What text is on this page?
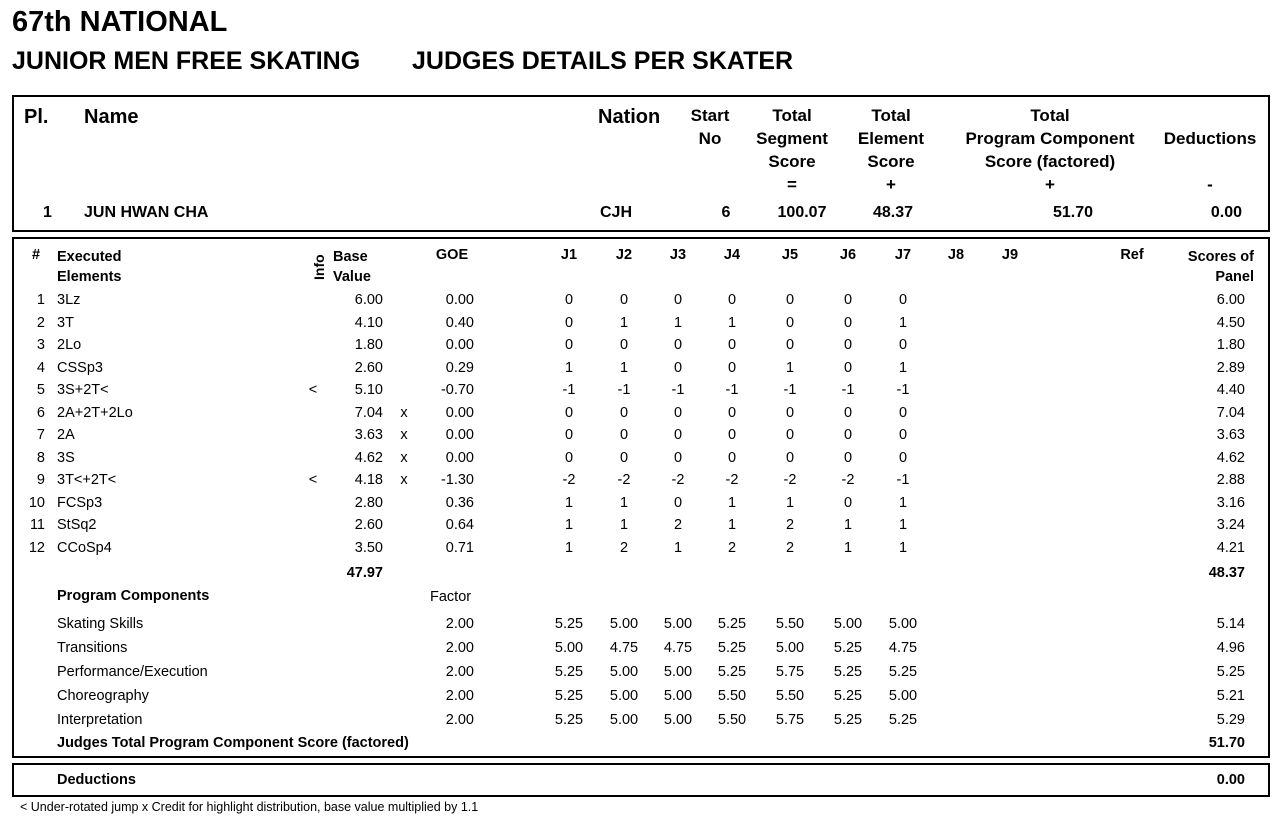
67th NATIONAL
JUNIOR MEN FREE SKATING JUDGES DETAILS PER SKATER
Pl. Name	Nation Start
No
Total
Segment
Score
=
Total
Element
Score
+
Total
Program Component
Score (factored)
+
Deductions
-
1 JUN HWAN CHA	CJH	6	100.07	48.37	51.70	0.00
# Executed
Elements	Info Base
Value
GOE	J1	J2	J3	J4	J5	J6	J7	J8	J9	Ref	Scores of
Panel
1 3Lz	6.00	0.00	0	0	0	0	0	0	0	6.00
2 3T	4.10	0.40	0	1	1	1	0	0	1	4.50
3 2Lo	1.80	0.00	0	0	0	0	0	0	0	1.80
4 CSSp3	2.60	0.29	1	1	0	0	1	0	1	2.89
5 3S+2T<	<	5.10	-0.70	-1	-1	-1	-1	-1	-1	-1	4.40
6 2A+2T+2Lo	7.04 x	0.00	0	0	0	0	0	0	0	7.04
7 2A	3.63 x	0.00	0	0	0	0	0	0	0	3.63
8 3S	4.62 x	0.00	0	0	0	0	0	0	0	4.62
9 3T<+2T<	<	4.18 x -1.30	-2	-2	-2	-2	-2	-2	-1	2.88
10 FCSp3	2.80	0.36	1	1	0	1	1	0	1	3.16
11 StSq2	2.60	0.64	1	1	2	1	2	1	1	3.24
12 CCoSp4	3.50	0.71	1	2	1	2	2	1	1	4.21
47.97	48.37
Program Components	Factor
Skating Skills	2.00	5.25 5.00 5.00 5.25 5.50 5.00 5.00	5.14
Transitions	2.00	5.00 4.75 4.75 5.25 5.00 5.25 4.75	4.96
Performance/Execution	2.00	5.25 5.00 5.00 5.25 5.75 5.25 5.25	5.25
Choreography	2.00	5.25 5.00 5.00 5.50 5.50 5.25 5.00	5.21
Interpretation	2.00	5.25 5.00 5.00 5.50 5.75 5.25 5.25	5.29
Judges Total Program Component Score (factored)	51.70
Deductions	0.00
< Under-rotated jump x Credit for highlight distribution, base value multiplied by 1.1
